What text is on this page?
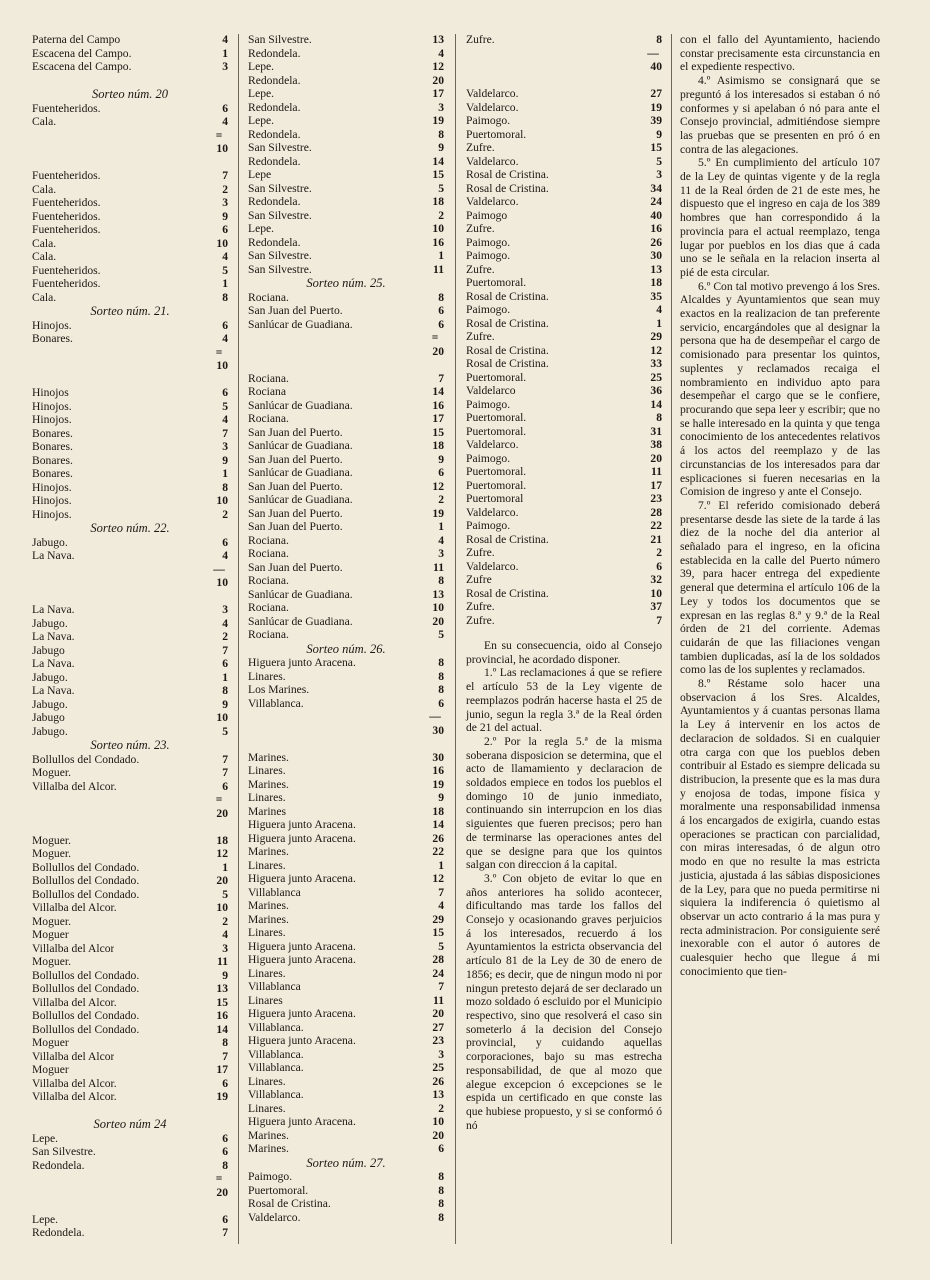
Paterna del Campo	4
Escacena del Campo.	1
Escacena del Campo.	3
Sorteo núm. 20
Fuenteheridos.	6
Cala.	4
=
10
Fuenteheridos.	7
Cala.	2
Fuenteheridos.	3
Fuenteheridos.	9
Fuenteheridos.	6
Cala.	10
Cala.	4
Fuenteheridos.	5
Fuenteheridos.	1
Cala.	8
Sorteo núm. 21.
Hinojos.	6
Bonares.	4
=
10
Hinojos	6
Hinojos.	5
Hinojos.	4
Bonares.	7
Bonares.	3
Bonares.	9
Bonares.	1
Hinojos.	8
Hinojos.	10
Hinojos.	2
Sorteo núm. 22.
Jabugo.	6
La Nava.	4
—
10
La Nava.	3
Jabugo.	4
La Nava.	2
Jabugo	7
La Nava.	6
Jabugo.	1
La Nava.	8
Jabugo.	9
Jabugo	10
Jabugo.	5
Sorteo núm. 23.
Bollullos del Condado.	7
Moguer.	7
Villalba del Alcor.	6
=
20
Moguer.	18
Moguer.	12
Bollullos del Condado.	1
Bollullos del Condado.	20
Bollullos del Condado.	5
Villalba del Alcor.	10
Moguer.	2
Moguer	4
Villalba del Alcor	3
Moguer.	11
Bollullos del Condado.	9
Bollullos del Condado.	13
Villalba del Alcor.	15
Bollullos del Condado.	16
Bollullos del Condado.	14
Moguer	8
Villalba del Alcor	7
Moguer	17
Villalba del Alcor.	6
Villalba del Alcor.	19
Sorteo núm 24
Lepe.	6
San Silvestre.	6
Redondela.	8
=
20
Lepe.	6
Redondela.	7
San Silvestre.	13
Redondela.	4
Lepe.	12
Redondela.	20
Lepe.	17
Redondela.	3
Lepe.	19
Redondela.	8
San Silvestre.	9
Redondela.	14
Lepe	15
San Silvestre.	5
Redondela.	18
San Silvestre.	2
Lepe.	10
Redondela.	16
San Silvestre.	1
San Silvestre.	11
Sorteo núm. 25.
Rociana.	8
San Juan del Puerto.	6
Sanlúcar de Guadiana.	6
=
20
Rociana.	7
Rociana	14
Sanlúcar de Guadiana.	16
Rociana.	17
San Juan del Puerto.	15
Sanlúcar de Guadiana.	18
San Juan del Puerto.	9
Sanlúcar de Guadiana.	6
San Juan del Puerto.	12
Sanlúcar de Guadiana.	2
San Juan del Puerto.	19
San Juan del Puerto.	1
Rociana.	4
Rociana.	3
San Juan del Puerto.	11
Rociana.	8
Sanlúcar de Guadiana.	13
Rociana.	10
Sanlúcar de Guadiana.	20
Rociana.	5
Sorteo núm. 26.
Higuera junto Aracena.	8
Linares.	8
Los Marines.	8
Villablanca.	6
—
30
Marines.	30
Linares.	16
Marines.	19
Linares.	9
Marines	18
Higuera junto Aracena.	14
Higuera junto Aracena.	26
Marines.	22
Linares.	1
Higuera junto Aracena.	12
Villablanca	7
Marines.	4
Marines.	29
Linares.	15
Higuera junto Aracena.	5
Higuera junto Aracena.	28
Linares.	24
Villablanca	7
Linares	11
Higuera junto Aracena.	20
Villablanca.	27
Higuera junto Aracena.	23
Villablanca.	3
Villablanca.	25
Linares.	26
Villablanca.	13
Linares.	2
Higuera junto Aracena.	10
Marines.	20
Marines.	6
Sorteo núm. 27.
Paimogo.	8
Puertomoral.	8
Rosal de Cristina.	8
Valdelarco.	8
Zufre.	8
—
40
Valdelarco.	27
Valdelarco.	19
Paimogo.	39
Puertomoral.	9
Zufre.	15
Valdelarco.	5
Rosal de Cristina.	3
Rosal de Cristina.	34
Valdelarco.	24
Paimogo	40
Zufre.	16
Paimogo.	26
Paimogo.	30
Zufre.	13
Puertomoral.	18
Rosal de Cristina.	35
Paimogo.	4
Rosal de Cristina.	1
Zufre.	29
Rosal de Cristina.	12
Rosal de Cristina.	33
Puertomoral.	25
Valdelarco	36
Paimogo.	14
Puertomoral.	8
Puertomoral.	31
Valdelarco.	38
Paimogo.	20
Puertomoral.	11
Puertomoral.	17
Puertomoral	23
Valdelarco.	28
Paimogo.	22
Rosal de Cristina.	21
Zufre.	2
Valdelarco.	6
Zufre	32
Rosal de Cristina.	10
Zufre.	37
Zufre.	7

En su consecuencia, oido al Consejo provincial, he acordado disponer.

1.º Las reclamaciones á que se refiere el artículo 53 de la Ley vigente de reemplazos podrán hacerse hasta el 25 de junio, segun la regla 3.ª de la Real órden de 21 del actual.

2.º Por la regla 5.ª de la misma soberana disposicion se determina, que el acto de llamamiento y declaracion de soldados empiece en todos los pueblos el domingo 10 de junio inmediato, continuando sin interrupcion en los dias siguientes que fueren precisos; pero han de terminarse las operaciones antes del que se designe para que los quintos salgan con direccion á la capital.

3.º Con objeto de evitar lo que en años anteriores ha solido acontecer, dificultando mas tarde los fallos del Consejo y ocasionando graves perjuicios á los interesados, recuerdo á los Ayuntamientos la estricta observancia del artículo 81 de la Ley de 30 de enero de 1856; es decir, que de ningun modo ni por ningun pretesto dejará de ser declarado un mozo soldado ó escluido por el Municipio respectivo, sino que resolverá el caso sin someterlo á la decision del Consejo provincial, y cuidando aquellas corporaciones, bajo su mas estrecha responsabilidad, de que al mozo que alegue excepcion ó excepciones se le espida un certificado en que conste las que hubiese propuesto, y si se conformó ó nó

con el fallo del Ayuntamiento, haciendo constar precisamente esta circunstancia en el expediente respectivo.

4.º Asimismo se consignará que se preguntó á los interesados si estaban ó nó conformes y si apelaban ó nó para ante el Consejo provincial, admitiéndose siempre las pruebas que se presenten en pró ó en contra de las alegaciones.

5.º En cumplimiento del artículo 107 de la Ley de quintas vigente y de la regla 11 de la Real órden de 21 de este mes, he dispuesto que el ingreso en caja de los 389 hombres que han correspondido á la provincia para el actual reemplazo, tenga lugar por pueblos en los dias que á cada uno se le señala en la relacion inserta al pié de esta circular.

6.º Con tal motivo prevengo á los Sres. Alcaldes y Ayuntamientos que sean muy exactos en la realizacion de tan preferente servicio, encargándoles que al designar la persona que ha de desempeñar el cargo de comisionado para presentar los quintos, suplentes y reclamados recaiga el nombramiento en individuo apto para desempeñar el cargo que se le confiere, procurando que sepa leer y escribir; que no se halle interesado en la quinta y que tenga conocimiento de los antecedentes relativos á los actos del reemplazo y de las circunstancias de los interesados para dar esplicaciones si fueren necesarias en la Comision de ingreso y ante el Consejo.

7.º El referido comisionado deberá presentarse desde las siete de la tarde á las diez de la noche del dia anterior al señalado para el ingreso, en la oficina establecida en la calle del Puerto número 39, para hacer entrega del expediente general que determina el artículo 106 de la Ley y todos los documentos que se expresan en las reglas 8.ª y 9.ª de la Real órden de 21 del corriente. Ademas cuidarán de que las filiaciones vengan tambien duplicadas, así la de los soldados como las de los suplentes y reclamados.

8.º Réstame solo hacer una observacion á los Sres. Alcaldes, Ayuntamientos y á cuantas personas llama la Ley á intervenir en los actos de declaracion de soldados. Si en cualquier otra carga con que los pueblos deben contribuir al Estado es siempre delicada su distribucion, la presente que es la mas dura y enojosa de todas, impone física y moralmente una responsabilidad inmensa á los encargados de exigirla, cuando estas operaciones se practican con parcialidad, con miras interesadas, ó de algun otro modo en que no resulte la mas estricta justicia, ajustada á las sábias disposiciones de la Ley, para que no pueda permitirse ni siquiera la indiferencia ó quietismo al observar un acto contrario á la mas pura y recta administracion. Por consiguiente seré inexorable con el autor ó autores de cualesquier hecho que llegue á mi conocimiento que tien-
